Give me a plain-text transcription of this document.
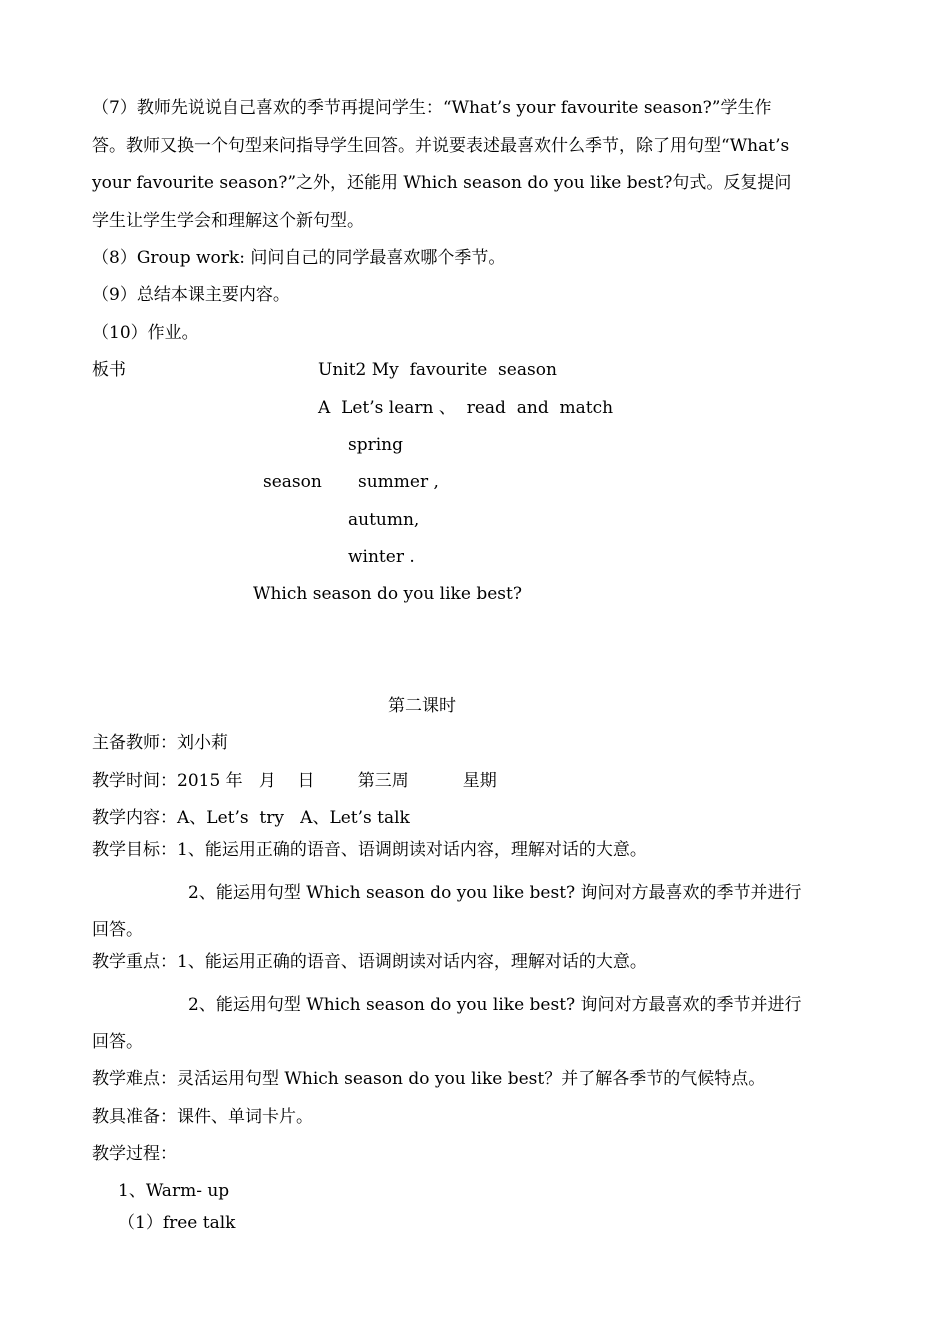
（7）教师先说说自己喜欢的季节再提问学生：“What’s your favourite season?”学生作
答。教师又换一个句型来问指导学生回答。并说要表述最喜欢什么季节，除了用句型“What’s
your favourite season?”之外，还能用 Which season do you like best?句式。反复提问
学生让学生学会和理解这个新句型。
（8）Group work: 问问自己的同学最喜欢哪个季节。
（9）总结本课主要内容。
（10）作业。
板书	Unit2 My  favourite  season
A  Let’s learn 、  read  and  match
spring
season summer ,
autumn,
winter .
Which season do you like best?
第二课时
主备教师：刘小莉
教学时间：2015 年   月    日        第三周          星期
教学内容：A、Let’s  try   A、Let’s talk
教学目标：1、能运用正确的语音、语调朗读对话内容，理解对话的大意。
2、能运用句型 Which season do you like best? 询问对方最喜欢的季节并进行
回答。
教学重点：1、能运用正确的语音、语调朗读对话内容，理解对话的大意。
2、能运用句型 Which season do you like best? 询问对方最喜欢的季节并进行
回答。
教学难点：灵活运用句型 Which season do you like best？并了解各季节的气候特点。
教具准备：课件、单词卡片。
教学过程：
1、Warm- up
（1）free talk
